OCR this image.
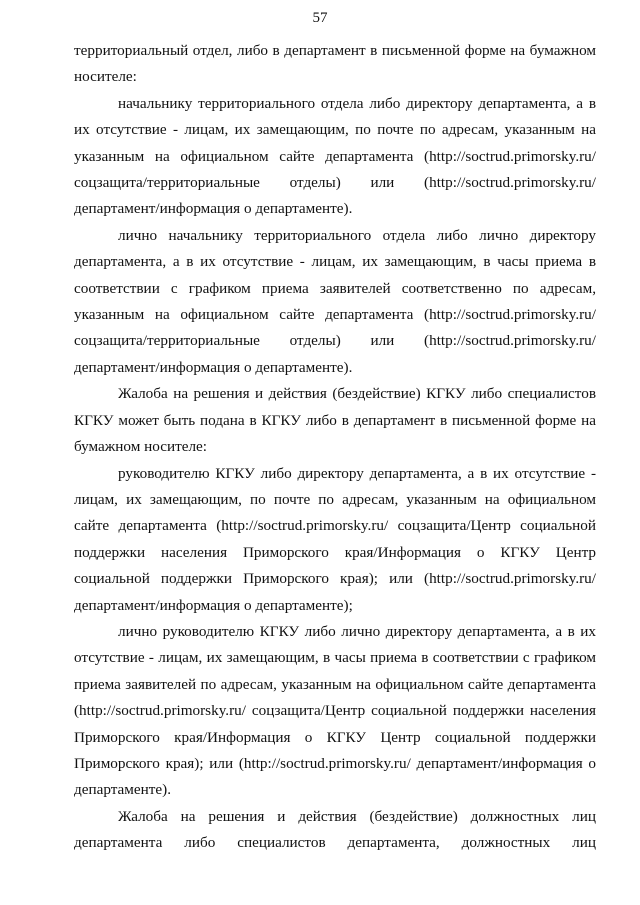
57

территориальный отдел, либо в департамент в письменной форме на бумажном носителе:

начальнику территориального отдела либо директору департамента, а в их отсутствие - лицам, их замещающим, по почте по адресам, указанным на указанным на официальном сайте департамента (http://soctrud.primorsky.ru/ соцзащита/территориальные отделы) или (http://soctrud.primorsky.ru/ департамент/информация о департаменте).

лично начальнику территориального отдела либо лично директору департамента, а в их отсутствие - лицам, их замещающим, в часы приема в соответствии с графиком приема заявителей соответственно по адресам, указанным на официальном сайте департамента (http://soctrud.primorsky.ru/ соцзащита/территориальные отделы) или (http://soctrud.primorsky.ru/ департамент/информация о департаменте).

Жалоба на решения и действия (бездействие) КГКУ либо специалистов КГКУ может быть подана в КГКУ либо в департамент в письменной форме на бумажном носителе:

руководителю КГКУ либо директору департамента, а в их отсутствие - лицам, их замещающим, по почте по адресам, указанным на официальном сайте департамента (http://soctrud.primorsky.ru/ соцзащита/Центр социальной поддержки населения Приморского края/Информация о КГКУ Центр социальной поддержки Приморского края); или (http://soctrud.primorsky.ru/ департамент/информация о департаменте);

лично руководителю КГКУ либо лично директору департамента, а в их отсутствие - лицам, их замещающим, в часы приема в соответствии с графиком приема заявителей по адресам, указанным на официальном сайте департамента (http://soctrud.primorsky.ru/ соцзащита/Центр социальной поддержки населения Приморского края/Информация о КГКУ Центр социальной поддержки Приморского края); или (http://soctrud.primorsky.ru/ департамент/информация о департаменте).

Жалоба на решения и действия (бездействие) должностных лиц департамента либо специалистов департамента, должностных лиц
